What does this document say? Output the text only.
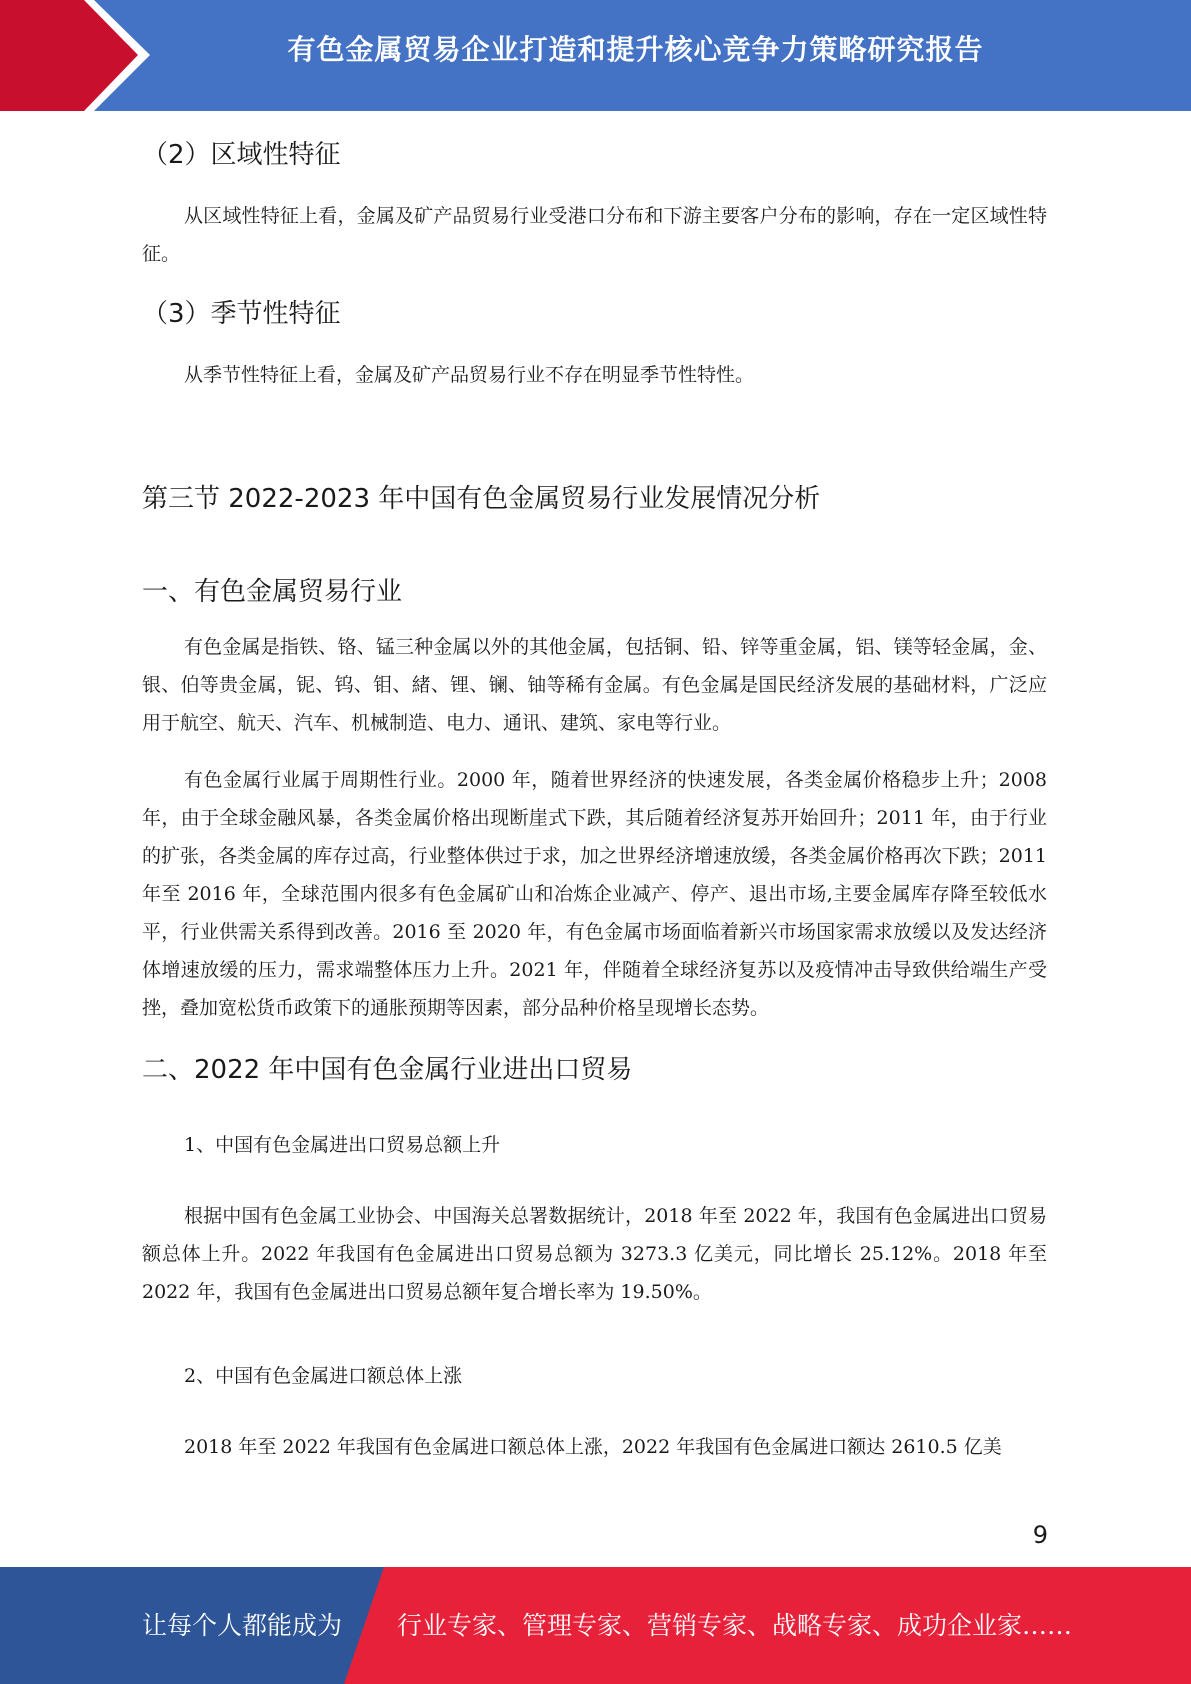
有色金属贸易企业打造和提升核心竞争力策略研究报告
（2）区域性特征

从区域性特征上看，金属及矿产品贸易行业受港口分布和下游主要客户分布的影响，存在一定区域性特征。

（3）季节性特征

从季节性特征上看，金属及矿产品贸易行业不存在明显季节性特性。

第三节 2022-2023 年中国有色金属贸易行业发展情况分析
一、有色金属贸易行业

有色金属是指铁、铬、锰三种金属以外的其他金属，包括铜、铅、锌等重金属，铝、镁等轻金属，金、银、伯等贵金属，铌、钨、钼、緒、锂、镧、铀等稀有金属。有色金属是国民经济发展的基础材料，广泛应用于航空、航天、汽车、机械制造、电力、通讯、建筑、家电等行业。

有色金属行业属于周期性行业。2000 年，随着世界经济的快速发展，各类金属价格稳步上升；2008 年，由于全球金融风暴，各类金属价格出现断崖式下跌，其后随着经济复苏开始回升；2011 年，由于行业的扩张，各类金属的库存过高，行业整体供过于求，加之世界经济增速放缓，各类金属价格再次下跌；2011 年至 2016 年，全球范围内很多有色金属矿山和冶炼企业减产、停产、退出市场,主要金属库存降至较低水平，行业供需关系得到改善。2016 至 2020 年，有色金属市场面临着新兴市场国家需求放缓以及发达经济体增速放缓的压力，需求端整体压力上升。2021 年，伴随着全球经济复苏以及疫情冲击导致供给端生产受挫，叠加宽松货币政策下的通胀预期等因素，部分品种价格呈现增长态势。

二、2022 年中国有色金属行业进出口贸易

1、中国有色金属进出口贸易总额上升

根据中国有色金属工业协会、中国海关总署数据统计，2018 年至 2022 年，我国有色金属进出口贸易额总体上升。2022 年我国有色金属进出口贸易总额为 3273.3 亿美元，同比增长 25.12%。2018 年至 2022 年，我国有色金属进出口贸易总额年复合增长率为 19.50%。

2、中国有色金属进口额总体上涨

2018 年至 2022 年我国有色金属进口额总体上涨，2022 年我国有色金属进口额达 2610.5 亿美

9
让每个人都能成为 行业专家、管理专家、营销专家、战略专家、成功企业家……
